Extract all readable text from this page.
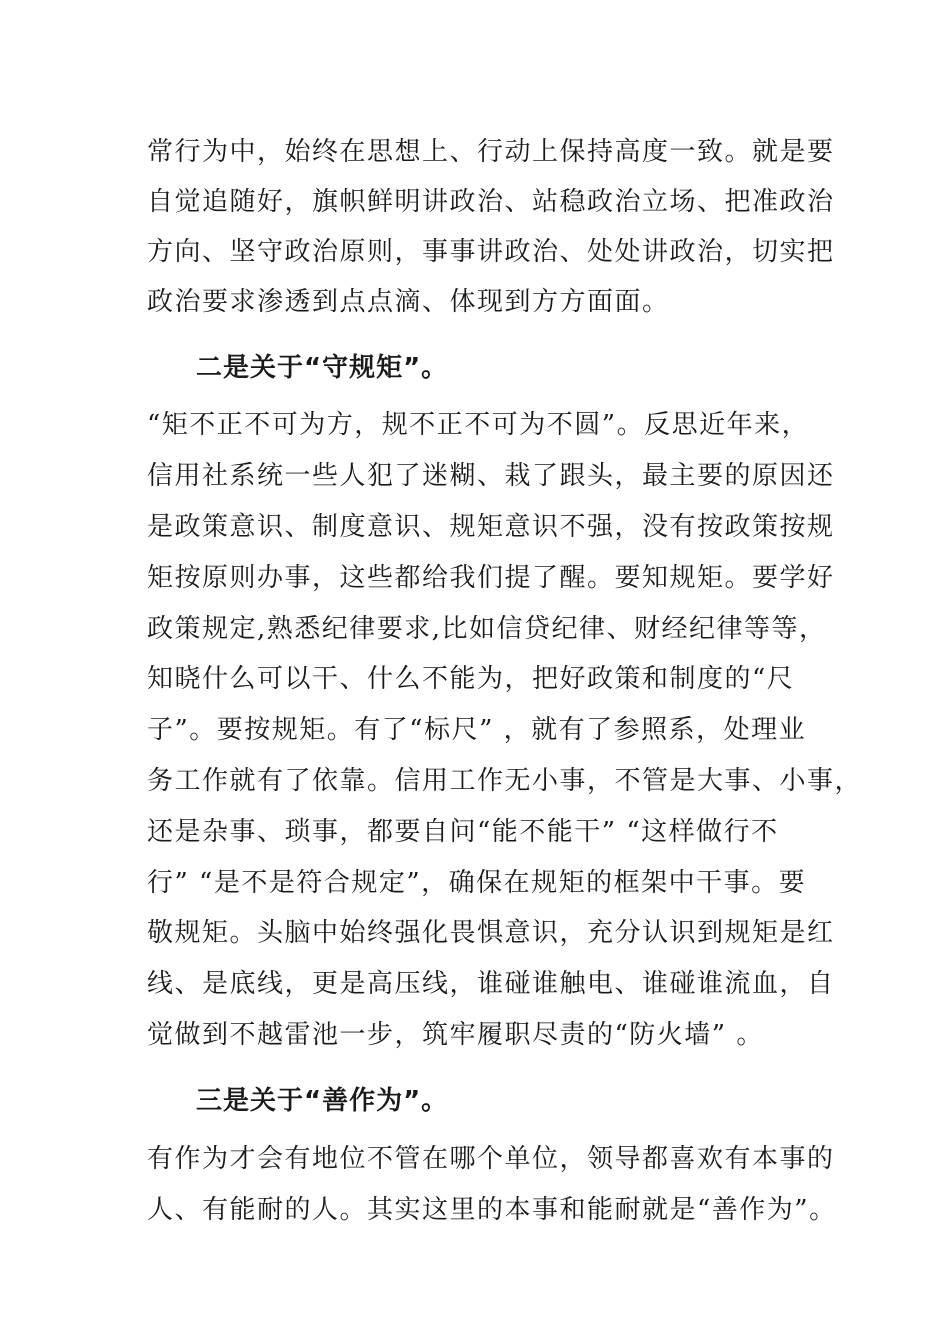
常行为中，始终在思想上、行动上保持高度一致。就是要
自觉追随好，旗帜鲜明讲政治、站稳政治立场、把准政治
方向、坚守政治原则，事事讲政治、处处讲政治，切实把
政治要求渗透到点点滴、体现到方方面面。
二是关于“守规矩”。
“矩不正不可为方，规不正不可为不圆”。反思近年来，
信用社系统一些人犯了迷糊、栽了跟头，最主要的原因还
是政策意识、制度意识、规矩意识不强，没有按政策按规
矩按原则办事，这些都给我们提了醒。要知规矩。要学好
政策规定,熟悉纪律要求,比如信贷纪律、财经纪律等等，
知晓什么可以干、什么不能为，把好政策和制度的“尺
子”。要按规矩。有了“标尺” ，就有了参照系，处理业
务工作就有了依靠。信用工作无小事，不管是大事、小事，
还是杂事、琐事，都要自问“能不能干” “这样做行不
行” “是不是符合规定”，确保在规矩的框架中干事。要
敬规矩。头脑中始终强化畏惧意识，充分认识到规矩是红
线、是底线，更是高压线，谁碰谁触电、谁碰谁流血，自
觉做到不越雷池一步，筑牢履职尽责的“防火墙” 。
三是关于“善作为”。
有作为才会有地位不管在哪个单位，领导都喜欢有本事的
人、有能耐的人。其实这里的本事和能耐就是“善作为”。
